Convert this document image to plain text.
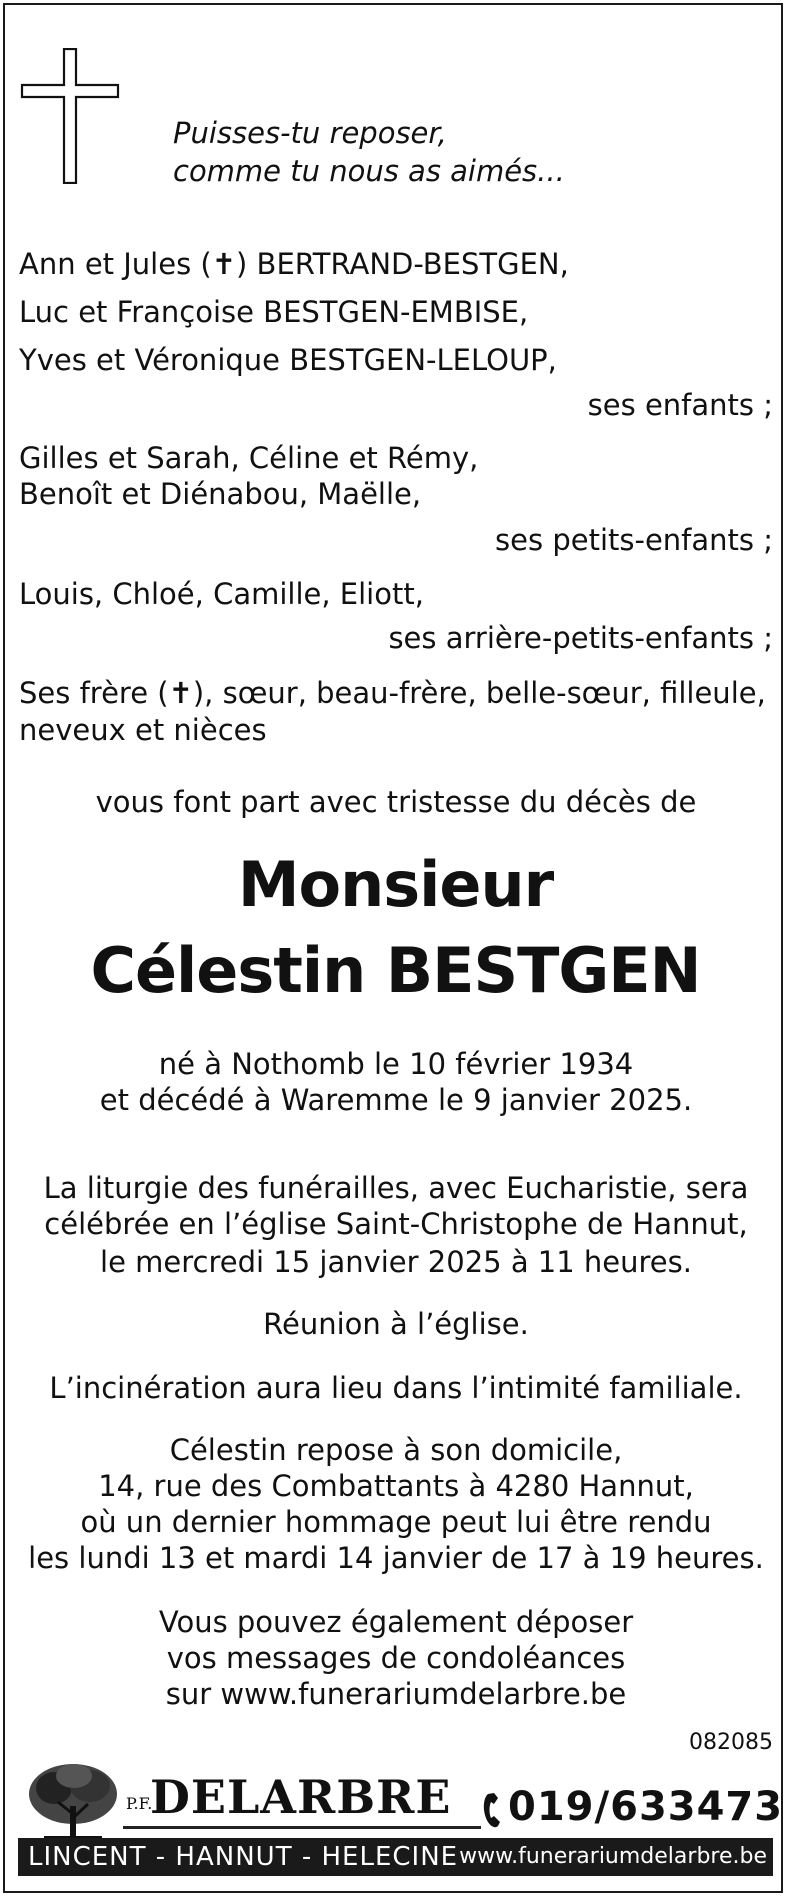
Puisses-tu reposer,
comme tu nous as aimés...
Ann et Jules (✝) BERTRAND-BESTGEN,
Luc et Françoise BESTGEN-EMBISE,
Yves et Véronique BESTGEN-LELOUP,
ses enfants ;
Gilles et Sarah, Céline et Rémy,
Benoît et Diénabou, Maëlle,
ses petits-enfants ;
Louis, Chloé, Camille, Eliott,
ses arrière-petits-enfants ;
Ses frère (✝), sœur, beau-frère, belle-sœur, filleule,
neveux et nièces
vous font part avec tristesse du décès de
Monsieur
Célestin BESTGEN
né à Nothomb le 10 février 1934
et décédé à Waremme le 9 janvier 2025.
La liturgie des funérailles, avec Eucharistie, sera
célébrée en l’église Saint-Christophe de Hannut,
le mercredi 15 janvier 2025 à 11 heures.
Réunion à l’église.
L’incinération aura lieu dans l’intimité familiale.
Célestin repose à son domicile,
14, rue des Combattants à 4280 Hannut,
où un dernier hommage peut lui être rendu
les lundi 13 et mardi 14 janvier de 17 à 19 heures.
Vous pouvez également déposer
vos messages de condoléances
sur www.funerariumdelarbre.be
082085
P.F.
DELARBRE 019/633473
LINCENT - HANNUT - HELECINE www.funerariumdelarbre.be
